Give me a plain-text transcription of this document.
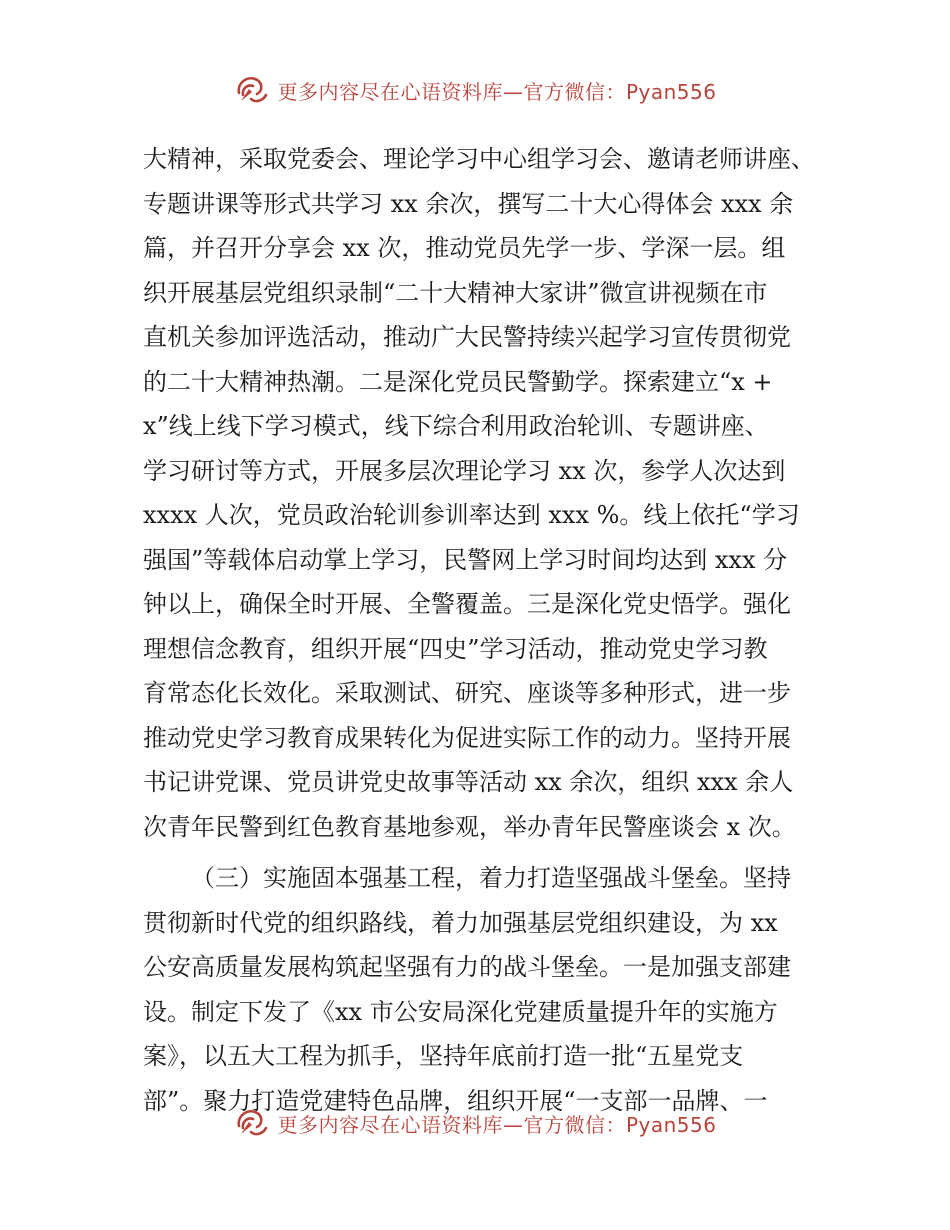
更多内容尽在心语资料库—官方微信：Pyan556
大精神，采取党委会、理论学习中心组学习会、邀请老师讲座、
专题讲课等形式共学习 xx 余次，撰写二十大心得体会 xxx 余
篇，并召开分享会 xx 次，推动党员先学一步、学深一层。组
织开展基层党组织录制“二十大精神大家讲”微宣讲视频在市
直机关参加评选活动，推动广大民警持续兴起学习宣传贯彻党
的二十大精神热潮。二是深化党员民警勤学。探索建立“x +
x”线上线下学习模式，线下综合利用政治轮训、专题讲座、
学习研讨等方式，开展多层次理论学习 xx 次，参学人次达到
xxxx 人次，党员政治轮训参训率达到 xxx %。线上依托“学习
强国”等载体启动掌上学习，民警网上学习时间均达到 xxx 分
钟以上，确保全时开展、全警覆盖。三是深化党史悟学。强化
理想信念教育，组织开展“四史”学习活动，推动党史学习教
育常态化长效化。采取测试、研究、座谈等多种形式，进一步
推动党史学习教育成果转化为促进实际工作的动力。坚持开展
书记讲党课、党员讲党史故事等活动 xx 余次，组织 xxx 余人
次青年民警到红色教育基地参观，举办青年民警座谈会 x 次。
（三）实施固本强基工程，着力打造坚强战斗堡垒。坚持
贯彻新时代党的组织路线，着力加强基层党组织建设，为 xx
公安高质量发展构筑起坚强有力的战斗堡垒。一是加强支部建
设。制定下发了《xx 市公安局深化党建质量提升年的实施方
案》，以五大工程为抓手，坚持年底前打造一批“五星党支
部”。聚力打造党建特色品牌，组织开展“一支部一品牌、一
更多内容尽在心语资料库—官方微信：Pyan556
